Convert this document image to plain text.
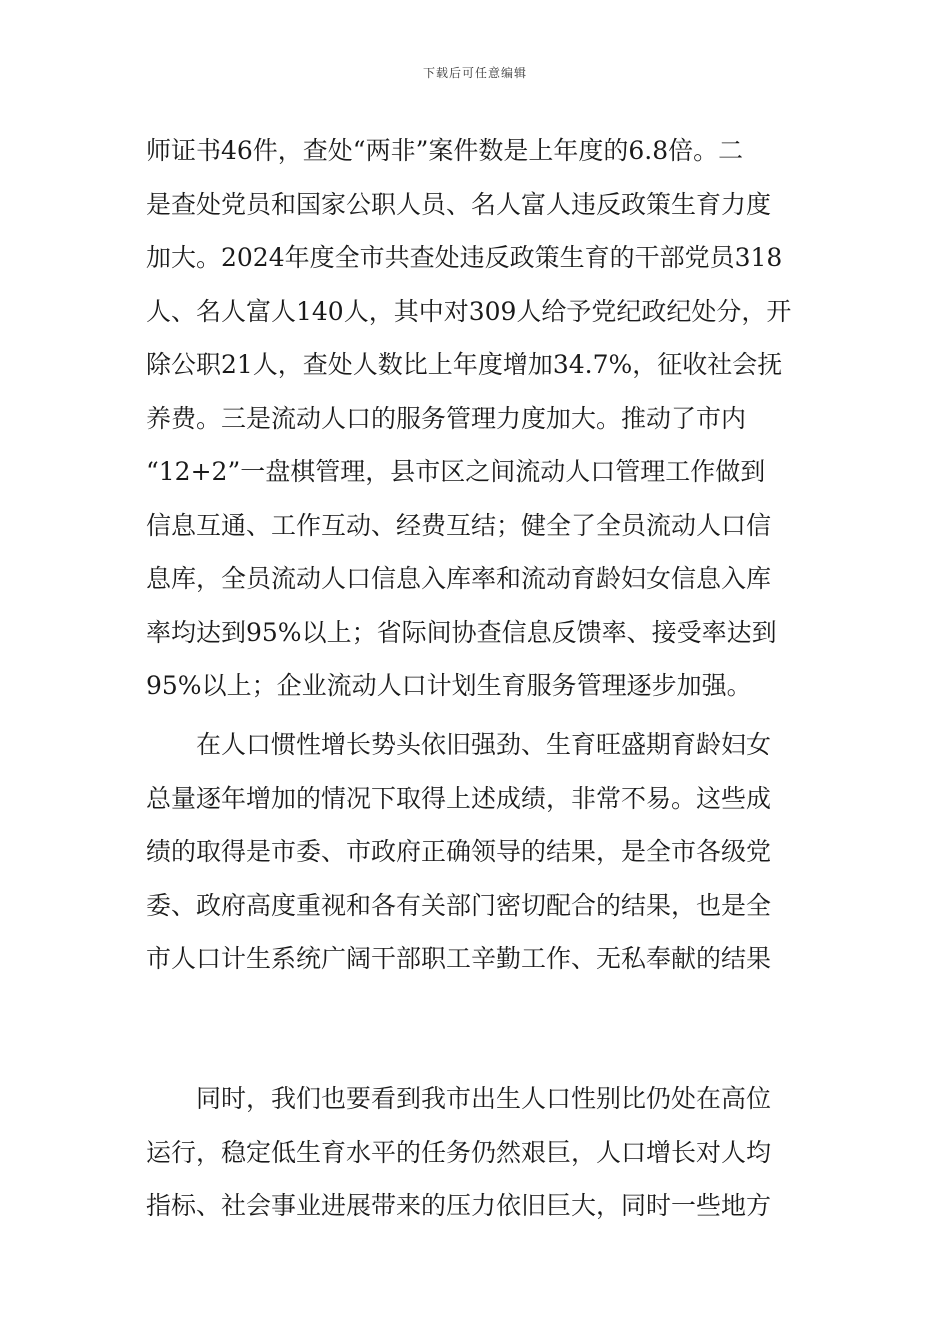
下载后可任意编辑
师证书46件，查处“两非”案件数是上年度的6.8倍。二
是查处党员和国家公职人员、名人富人违反政策生育力度
加大。2024年度全市共查处违反政策生育的干部党员318
人、名人富人140人，其中对309人给予党纪政纪处分，开
除公职21人，查处人数比上年度增加34.7%，征收社会抚
养费。三是流动人口的服务管理力度加大。推动了市内
“12+2”一盘棋管理，县市区之间流动人口管理工作做到
信息互通、工作互动、经费互结；健全了全员流动人口信
息库，全员流动人口信息入库率和流动育龄妇女信息入库
率均达到95%以上；省际间协查信息反馈率、接受率达到
95%以上；企业流动人口计划生育服务管理逐步加强。
在人口惯性增长势头依旧强劲、生育旺盛期育龄妇女
总量逐年增加的情况下取得上述成绩，非常不易。这些成
绩的取得是市委、市政府正确领导的结果，是全市各级党
委、政府高度重视和各有关部门密切配合的结果，也是全
市人口计生系统广阔干部职工辛勤工作、无私奉献的结果
同时，我们也要看到我市出生人口性别比仍处在高位
运行，稳定低生育水平的任务仍然艰巨，人口增长对人均
指标、社会事业进展带来的压力依旧巨大，同时一些地方
